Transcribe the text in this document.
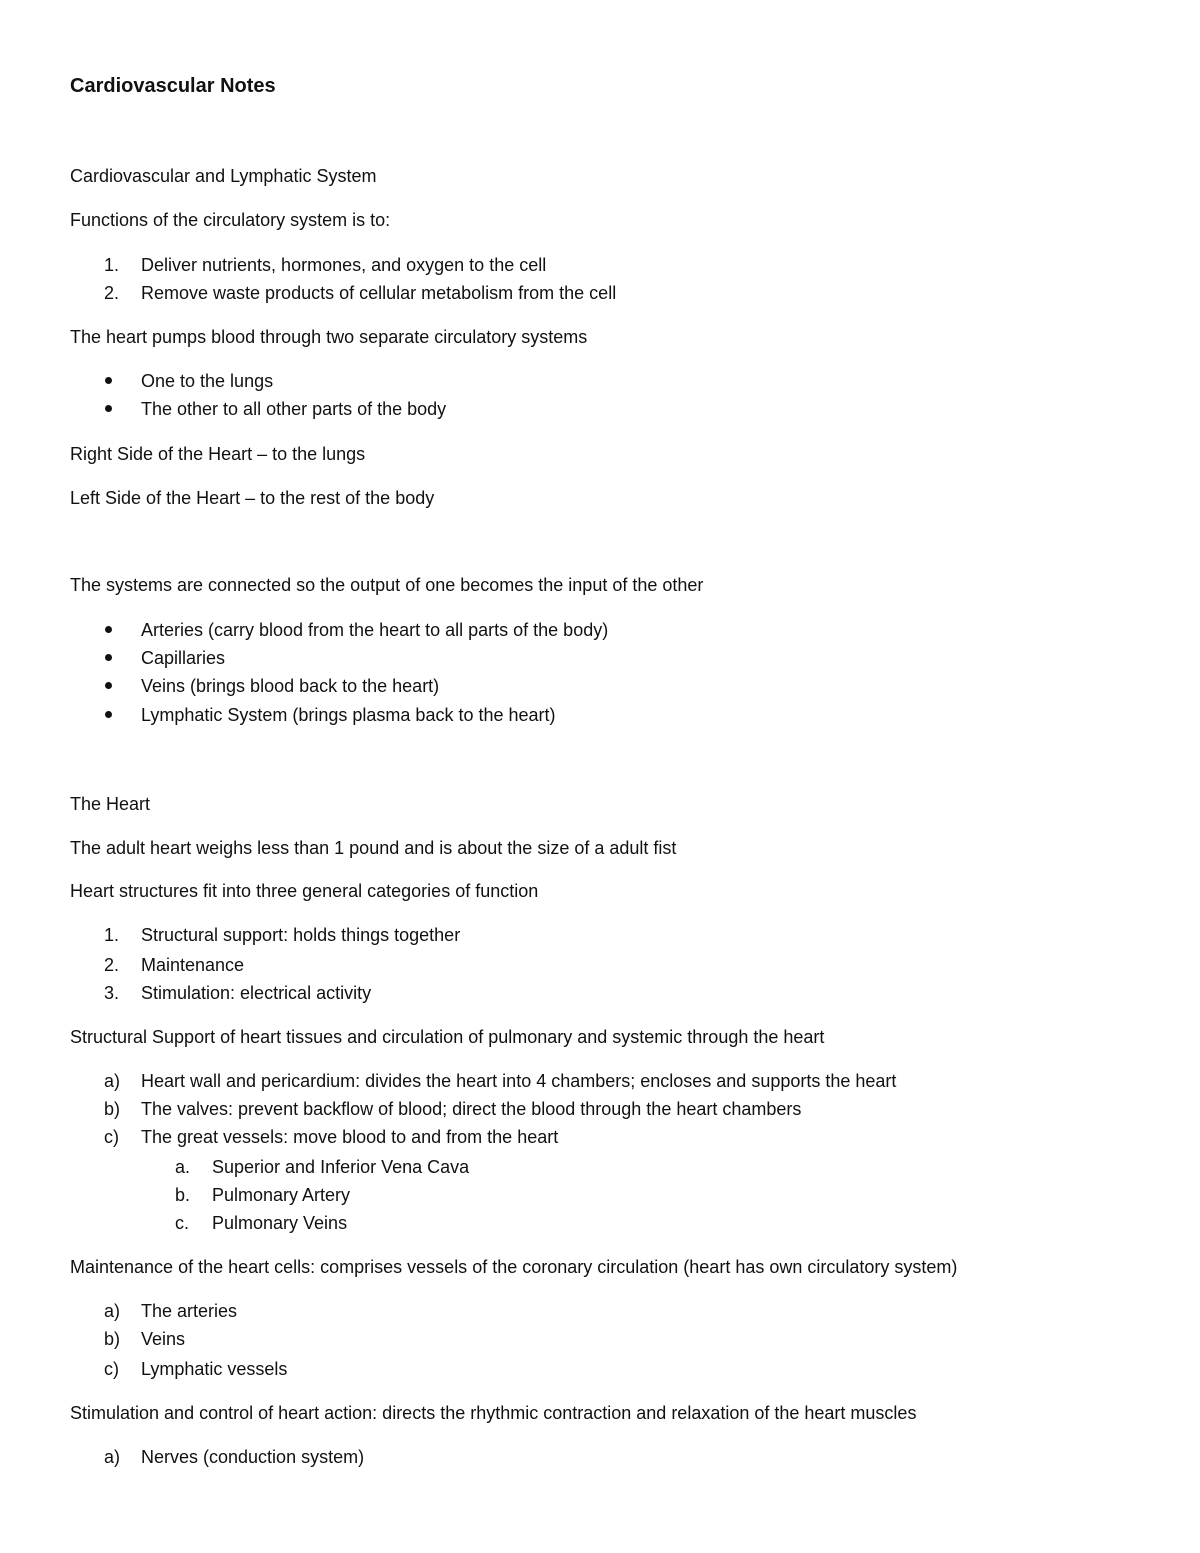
Cardiovascular Notes
Cardiovascular and Lymphatic System
Functions of the circulatory system is to:
1. Deliver nutrients, hormones, and oxygen to the cell
2. Remove waste products of cellular metabolism from the cell
The heart pumps blood through two separate circulatory systems
One to the lungs
The other to all other parts of the body
Right Side of the Heart – to the lungs
Left Side of the Heart – to the rest of the body
The systems are connected so the output of one becomes the input of the other
Arteries (carry blood from the heart to all parts of the body)
Capillaries
Veins (brings blood back to the heart)
Lymphatic System (brings plasma back to the heart)
The Heart
The adult heart weighs less than 1 pound and is about the size of a adult fist
Heart structures fit into three general categories of function
1. Structural support: holds things together
2. Maintenance
3. Stimulation: electrical activity
Structural Support of heart tissues and circulation of pulmonary and systemic through the heart
a) Heart wall and pericardium: divides the heart into 4 chambers; encloses and supports the heart
b) The valves: prevent backflow of blood; direct the blood through the heart chambers
c) The great vessels: move blood to and from the heart
a. Superior and Inferior Vena Cava
b. Pulmonary Artery
c. Pulmonary Veins
Maintenance of the heart cells: comprises vessels of the coronary circulation (heart has own circulatory system)
a) The arteries
b) Veins
c) Lymphatic vessels
Stimulation and control of heart action: directs the rhythmic contraction and relaxation of the heart muscles
a) Nerves (conduction system)
